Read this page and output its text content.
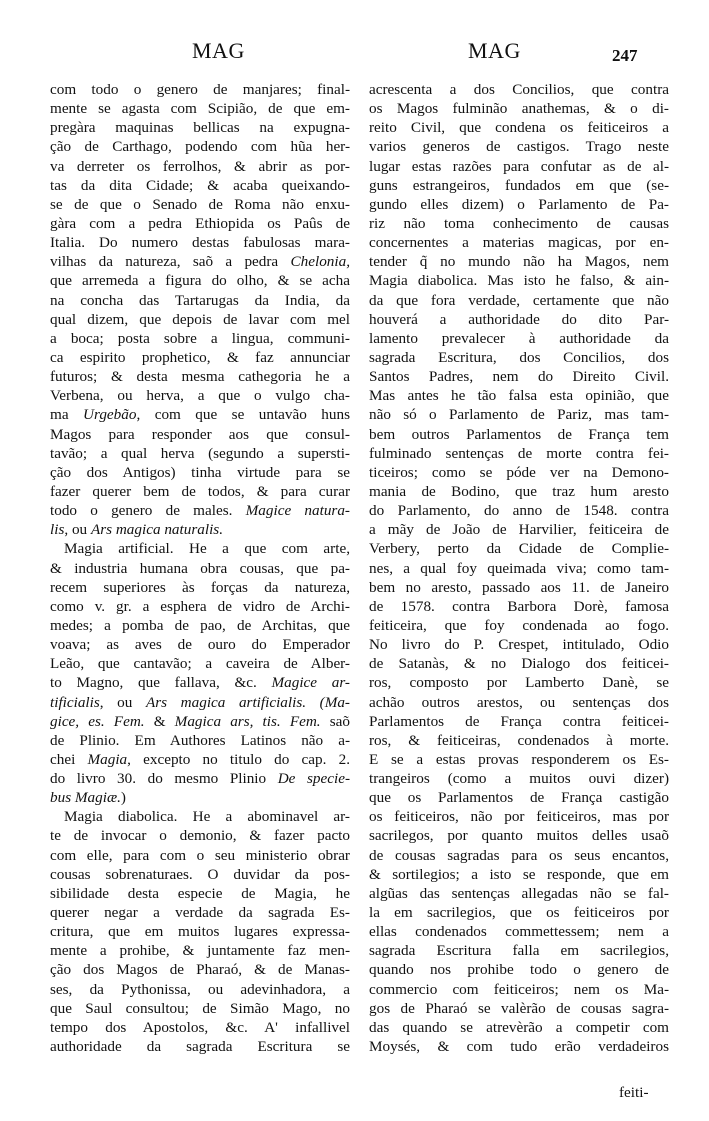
MAG	MAG	247
com todo o genero de manjares; final-
mente se agasta com Scipião, de que em-
pregàra maquinas bellicas na expugna-
ção de Carthago, podendo com hũa her-
va derreter os ferrolhos, & abrir as por-
tas da dita Cidade; & acaba queixando-
se de que o Senado de Roma não enxu-
gàra com a pedra Ethiopida os Paûs de
Italia. Do numero destas fabulosas mara-
vilhas da natureza, saõ a pedra Chelonia,
que arremeda a figura do olho, & se acha
na concha das Tartarugas da India, da
qual dizem, que depois de lavar com mel
a boca; posta sobre a lingua, communi-
ca espirito prophetico, & faz annunciar
futuros; & desta mesma cathegoria he a
Verbena, ou herva, a que o vulgo cha-
ma Urgebão, com que se untavão huns
Magos para responder aos que consul-
tavão; a qual herva (segundo a supersti-
ção dos Antigos) tinha virtude para se
fazer querer bem de todos, & para curar
todo o genero de males. Magice natura-
lis, ou Ars magica naturalis.
Magia artificial. He a que com arte,
& industria humana obra cousas, que pa-
recem superiores às forças da natureza,
como v. gr. a esphera de vidro de Archi-
medes; a pomba de pao, de Architas, que
voava; as aves de ouro do Emperador
Leão, que cantavão; a caveira de Alber-
to Magno, que fallava, &c. Magice ar-
tificialis, ou Ars magica artificialis. (Ma-
gice, es. Fem. & Magica ars, tis. Fem. saõ
de Plinio. Em Authores Latinos não a-
chei Magia, excepto no titulo do cap. 2.
do livro 30. do mesmo Plinio De specie-
bus Magiæ.)
Magia diabolica. He a abominavel ar-
te de invocar o demonio, & fazer pacto
com elle, para com o seu ministerio obrar
cousas sobrenaturaes. O duvidar da pos-
sibilidade desta especie de Magia, he
querer negar a verdade da sagrada Es-
critura, que em muitos lugares expressa-
mente a prohibe, & juntamente faz men-
ção dos Magos de Pharaó, & de Manas-
ses, da Pythonissa, ou adevinhadora, a
que Saul consultou; de Simão Mago, no
tempo dos Apostolos, &c. A' infallivel
authoridade da sagrada Escritura se
acrescenta a dos Concilios, que contra
os Magos fulminão anathemas, & o di-
reito Civil, que condena os feiticeiros a
varios generos de castigos. Trago neste
lugar estas razões para confutar as de al-
guns estrangeiros, fundados em que (se-
gundo elles dizem) o Parlamento de Pa-
riz não toma conhecimento de causas
concernentes a materias magicas, por en-
tender q̃ no mundo não ha Magos, nem
Magia diabolica. Mas isto he falso, & ain-
da que fora verdade, certamente que não
houverá a authoridade do dito Par-
lamento prevalecer à authoridade da
sagrada Escritura, dos Concilios, dos
Santos Padres, nem do Direito Civil.
Mas antes he tão falsa esta opinião, que
não só o Parlamento de Pariz, mas tam-
bem outros Parlamentos de França tem
fulminado sentenças de morte contra fei-
ticeiros; como se póde ver na Demono-
mania de Bodino, que traz hum aresto
do Parlamento, do anno de 1548. contra
a mãy de João de Harvilier, feiticeira de
Verbery, perto da Cidade de Complie-
nes, a qual foy queimada viva; como tam-
bem no aresto, passado aos 11. de Janeiro
de 1578. contra Barbora Dorè, famosa
feiticeira, que foy condenada ao fogo.
No livro do P. Crespet, intitulado, Odio
de Satanàs, & no Dialogo dos feiticei-
ros, composto por Lamberto Danè, se
achão outros arestos, ou sentenças dos
Parlamentos de França contra feiticei-
ros, & feiticeiras, condenados à morte.
E se a estas provas responderem os Es-
trangeiros (como a muitos ouvi dizer)
que os Parlamentos de França castigão
os feiticeiros, não por feiticeiros, mas por
sacrilegos, por quanto muitos delles usaõ
de cousas sagradas para os seus encantos,
& sortilegios; a isto se responde, que em
algũas das sentenças allegadas não se fal-
la em sacrilegios, que os feiticeiros por
ellas condenados commettessem; nem a
sagrada Escritura falla em sacrilegios,
quando nos prohibe todo o genero de
commercio com feiticeiros; nem os Ma-
gos de Pharaó se valèrão de cousas sagra-
das quando se atrevèrão a competir com
Moysés, & com tudo erão verdadeiros
feiti-
